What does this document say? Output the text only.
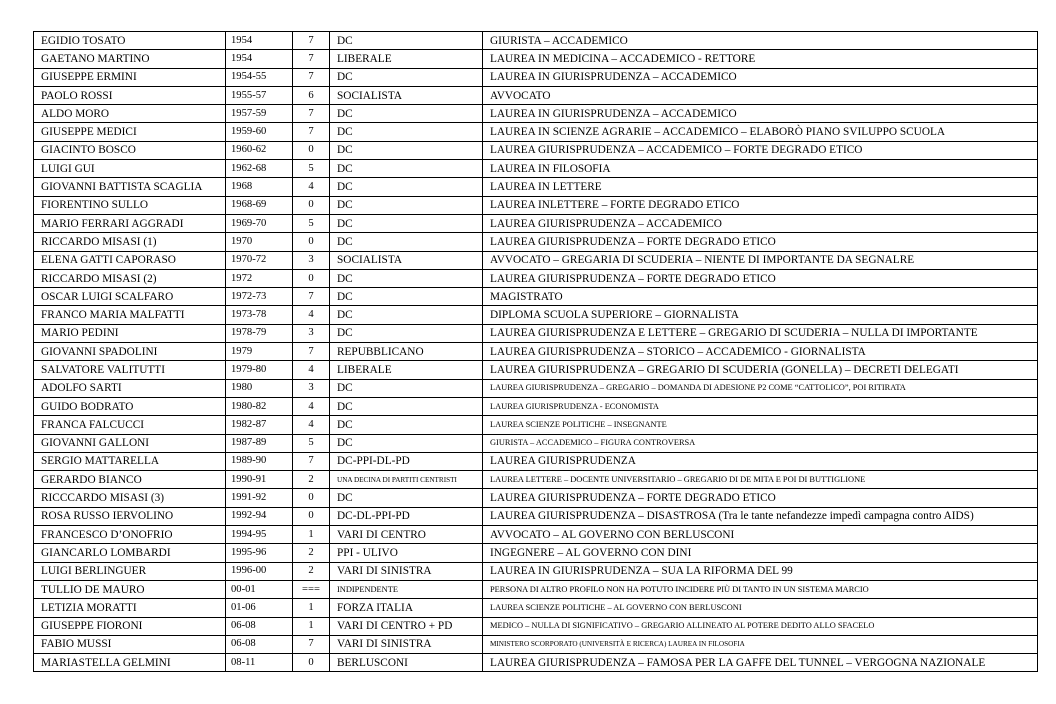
EGIDIO TOSATO	1954	7	DC	GIURISTA – ACCADEMICO
GAETANO MARTINO	1954	7	LIBERALE	LAUREA IN MEDICINA – ACCADEMICO - RETTORE
GIUSEPPE ERMINI	1954-55	7	DC	LAUREA IN GIURISPRUDENZA – ACCADEMICO
PAOLO ROSSI	1955-57	6	SOCIALISTA	AVVOCATO
ALDO MORO	1957-59	7	DC	LAUREA IN GIURISPRUDENZA – ACCADEMICO
GIUSEPPE MEDICI	1959-60	7	DC	LAUREA IN SCIENZE AGRARIE – ACCADEMICO – ELABORÒ PIANO SVILUPPO SCUOLA
GIACINTO BOSCO	1960-62	0	DC	LAUREA GIURISPRUDENZA – ACCADEMICO – FORTE DEGRADO ETICO
LUIGI GUI	1962-68	5	DC	LAUREA IN FILOSOFIA
GIOVANNI BATTISTA SCAGLIA	1968	4	DC	LAUREA IN LETTERE
FIORENTINO SULLO	1968-69	0	DC	LAUREA INLETTERE – FORTE DEGRADO ETICO
MARIO FERRARI AGGRADI	1969-70	5	DC	LAUREA GIURISPRUDENZA – ACCADEMICO
RICCARDO MISASI (1)	1970	0	DC	LAUREA GIURISPRUDENZA – FORTE DEGRADO ETICO
ELENA GATTI CAPORASO	1970-72	3	SOCIALISTA	AVVOCATO – GREGARIA DI SCUDERIA – NIENTE DI IMPORTANTE DA SEGNALRE
RICCARDO MISASI (2)	1972	0	DC	LAUREA GIURISPRUDENZA – FORTE DEGRADO ETICO
OSCAR LUIGI SCALFARO	1972-73	7	DC	MAGISTRATO
FRANCO MARIA MALFATTI	1973-78	4	DC	DIPLOMA SCUOLA SUPERIORE – GIORNALISTA
MARIO PEDINI	1978-79	3	DC	LAUREA GIURISPRUDENZA E LETTERE – GREGARIO DI SCUDERIA – NULLA DI IMPORTANTE
GIOVANNI SPADOLINI	1979	7	REPUBBLICANO	LAUREA GIURISPRUDENZA – STORICO – ACCADEMICO - GIORNALISTA
SALVATORE VALITUTTI	1979-80	4	LIBERALE	LAUREA GIURISPRUDENZA – GREGARIO DI SCUDERIA (GONELLA) – DECRETI DELEGATI
ADOLFO SARTI	1980	3	DC	LAUREA GIURISPRUDENZA – GREGARIO – DOMANDA DI ADESIONE P2 COME “CATTOLICO”, POI RITIRATA
GUIDO BODRATO	1980-82	4	DC	LAUREA GIURISPRUDENZA - ECONOMISTA
FRANCA FALCUCCI	1982-87	4	DC	LAUREA SCIENZE POLITICHE – INSEGNANTE
GIOVANNI GALLONI	1987-89	5	DC	GIURISTA – ACCADEMICO – FIGURA CONTROVERSA
SERGIO MATTARELLA	1989-90	7	DC-PPI-DL-PD	LAUREA GIURISPRUDENZA
GERARDO BIANCO	1990-91	2	UNA DECINA DI PARTITI CENTRISTI	LAUREA LETTERE – DOCENTE UNIVERSITARIO – GREGARIO DI DE MITA E POI DI BUTTIGLIONE
RICCCARDO MISASI (3)	1991-92	0	DC	LAUREA GIURISPRUDENZA – FORTE DEGRADO ETICO
ROSA RUSSO IERVOLINO	1992-94	0	DC-DL-PPI-PD	LAUREA GIURISPRUDENZA – DISASTROSA (Tra le tante nefandezze impedì campagna contro AIDS)
FRANCESCO D’ONOFRIO	1994-95	1	VARI DI CENTRO	AVVOCATO – AL GOVERNO CON BERLUSCONI
GIANCARLO LOMBARDI	1995-96	2	PPI - ULIVO	INGEGNERE – AL GOVERNO CON DINI
LUIGI BERLINGUER	1996-00	2	VARI DI SINISTRA	LAUREA IN GIURISPRUDENZA – SUA LA RIFORMA DEL 99
TULLIO DE MAURO	00-01	===	INDIPENDENTE	PERSONA DI ALTRO PROFILO NON HA POTUTO INCIDERE PIÙ DI TANTO IN UN SISTEMA MARCIO
LETIZIA MORATTI	01-06	1	FORZA ITALIA	LAUREA SCIENZE POLITICHE – AL GOVERNO CON BERLUSCONI
GIUSEPPE FIORONI	06-08	1	VARI DI CENTRO + PD	MEDICO – NULLA DI SIGNIFICATIVO – GREGARIO ALLINEATO AL POTERE DEDITO ALLO SFACELO
FABIO MUSSI	06-08	7	VARI DI SINISTRA	MINISTERO SCORPORATO (UNIVERSITÀ E RICERCA) LAUREA IN FILOSOFIA
MARIASTELLA GELMINI	08-11	0	BERLUSCONI	LAUREA GIURISPRUDENZA – FAMOSA PER LA GAFFE DEL TUNNEL – VERGOGNA NAZIONALE
